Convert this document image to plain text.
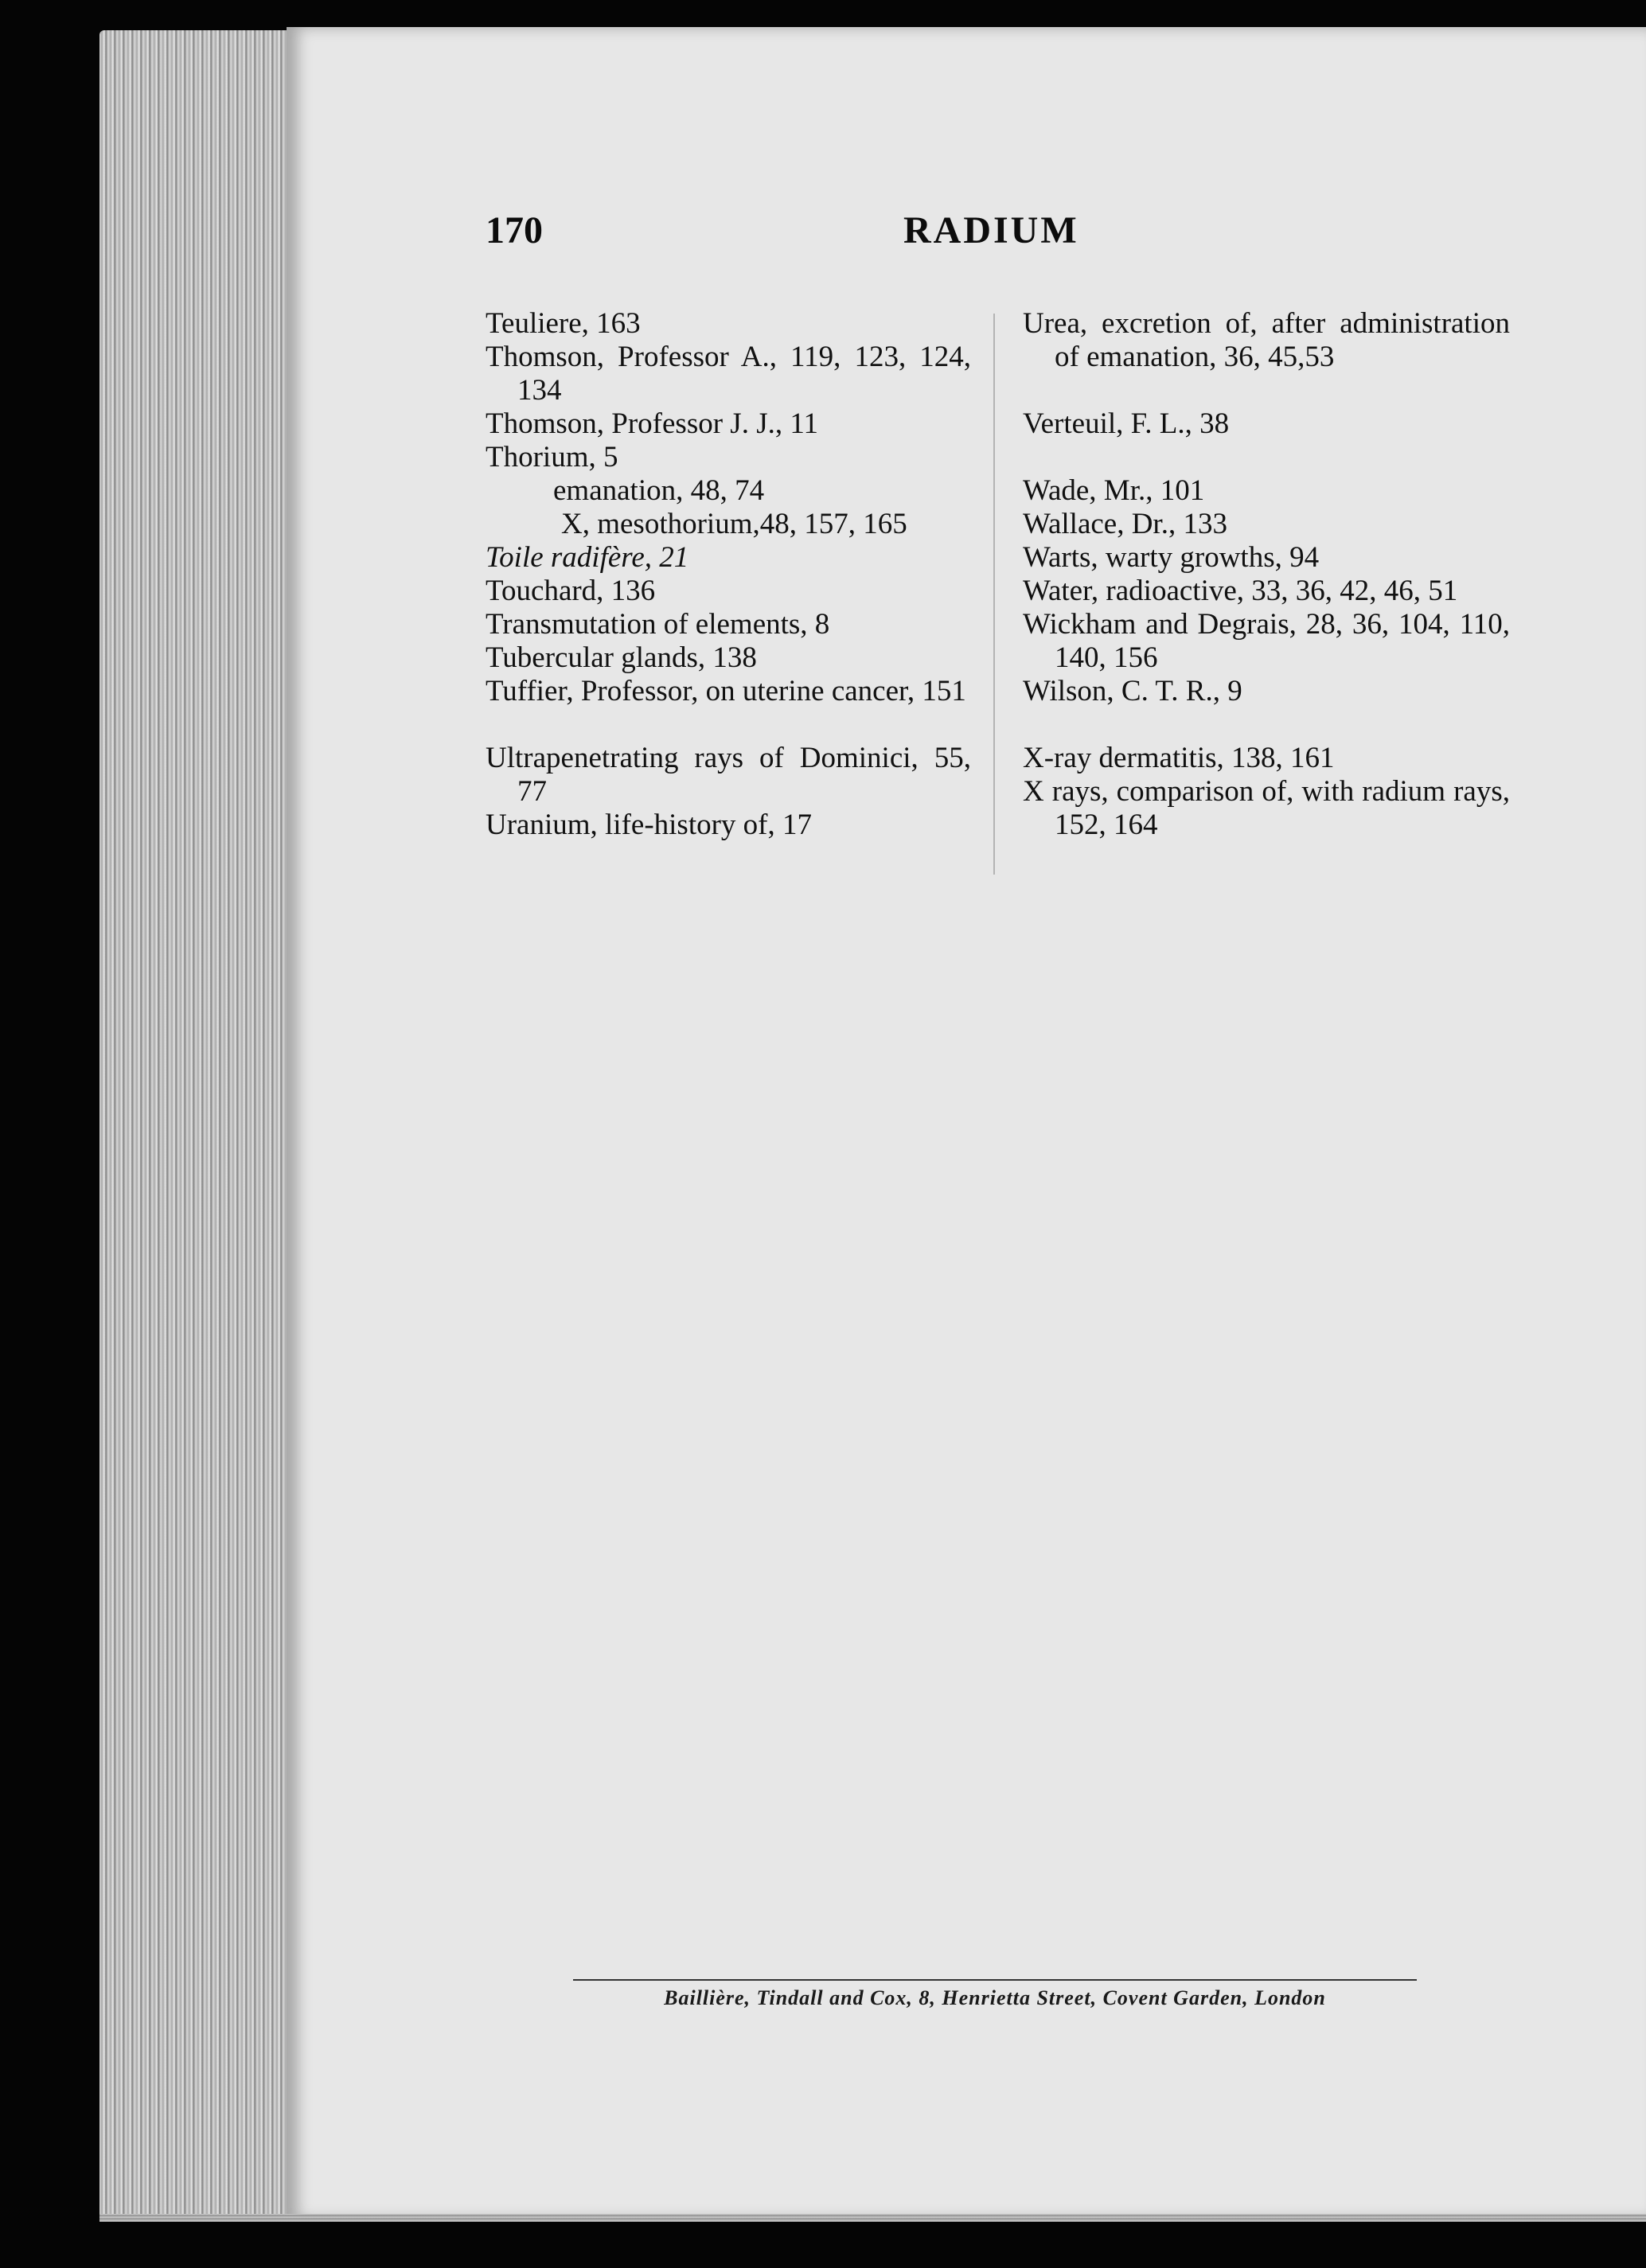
170	RADIUM
Teuliere, 163
Thomson, Professor A., 119, 123, 124, 134
Thomson, Professor J. J., 11
Thorium, 5
emanation, 48, 74
X, mesothorium,48, 157, 165
Toile radifère, 21
Touchard, 136
Transmutation of elements, 8
Tubercular glands, 138
Tuffier, Professor, on uterine cancer, 151
Ultrapenetrating rays of Dominici, 55, 77
Uranium, life-history of, 17
Urea, excretion of, after administration of emanation, 36, 45,53
Verteuil, F. L., 38
Wade, Mr., 101
Wallace, Dr., 133
Warts, warty growths, 94
Water, radioactive, 33, 36, 42, 46, 51
Wickham and Degrais, 28, 36, 104, 110, 140, 156
Wilson, C. T. R., 9
X-ray dermatitis, 138, 161
X rays, comparison of, with radium rays, 152, 164
Baillière, Tindall and Cox, 8, Henrietta Street, Covent Garden, London
